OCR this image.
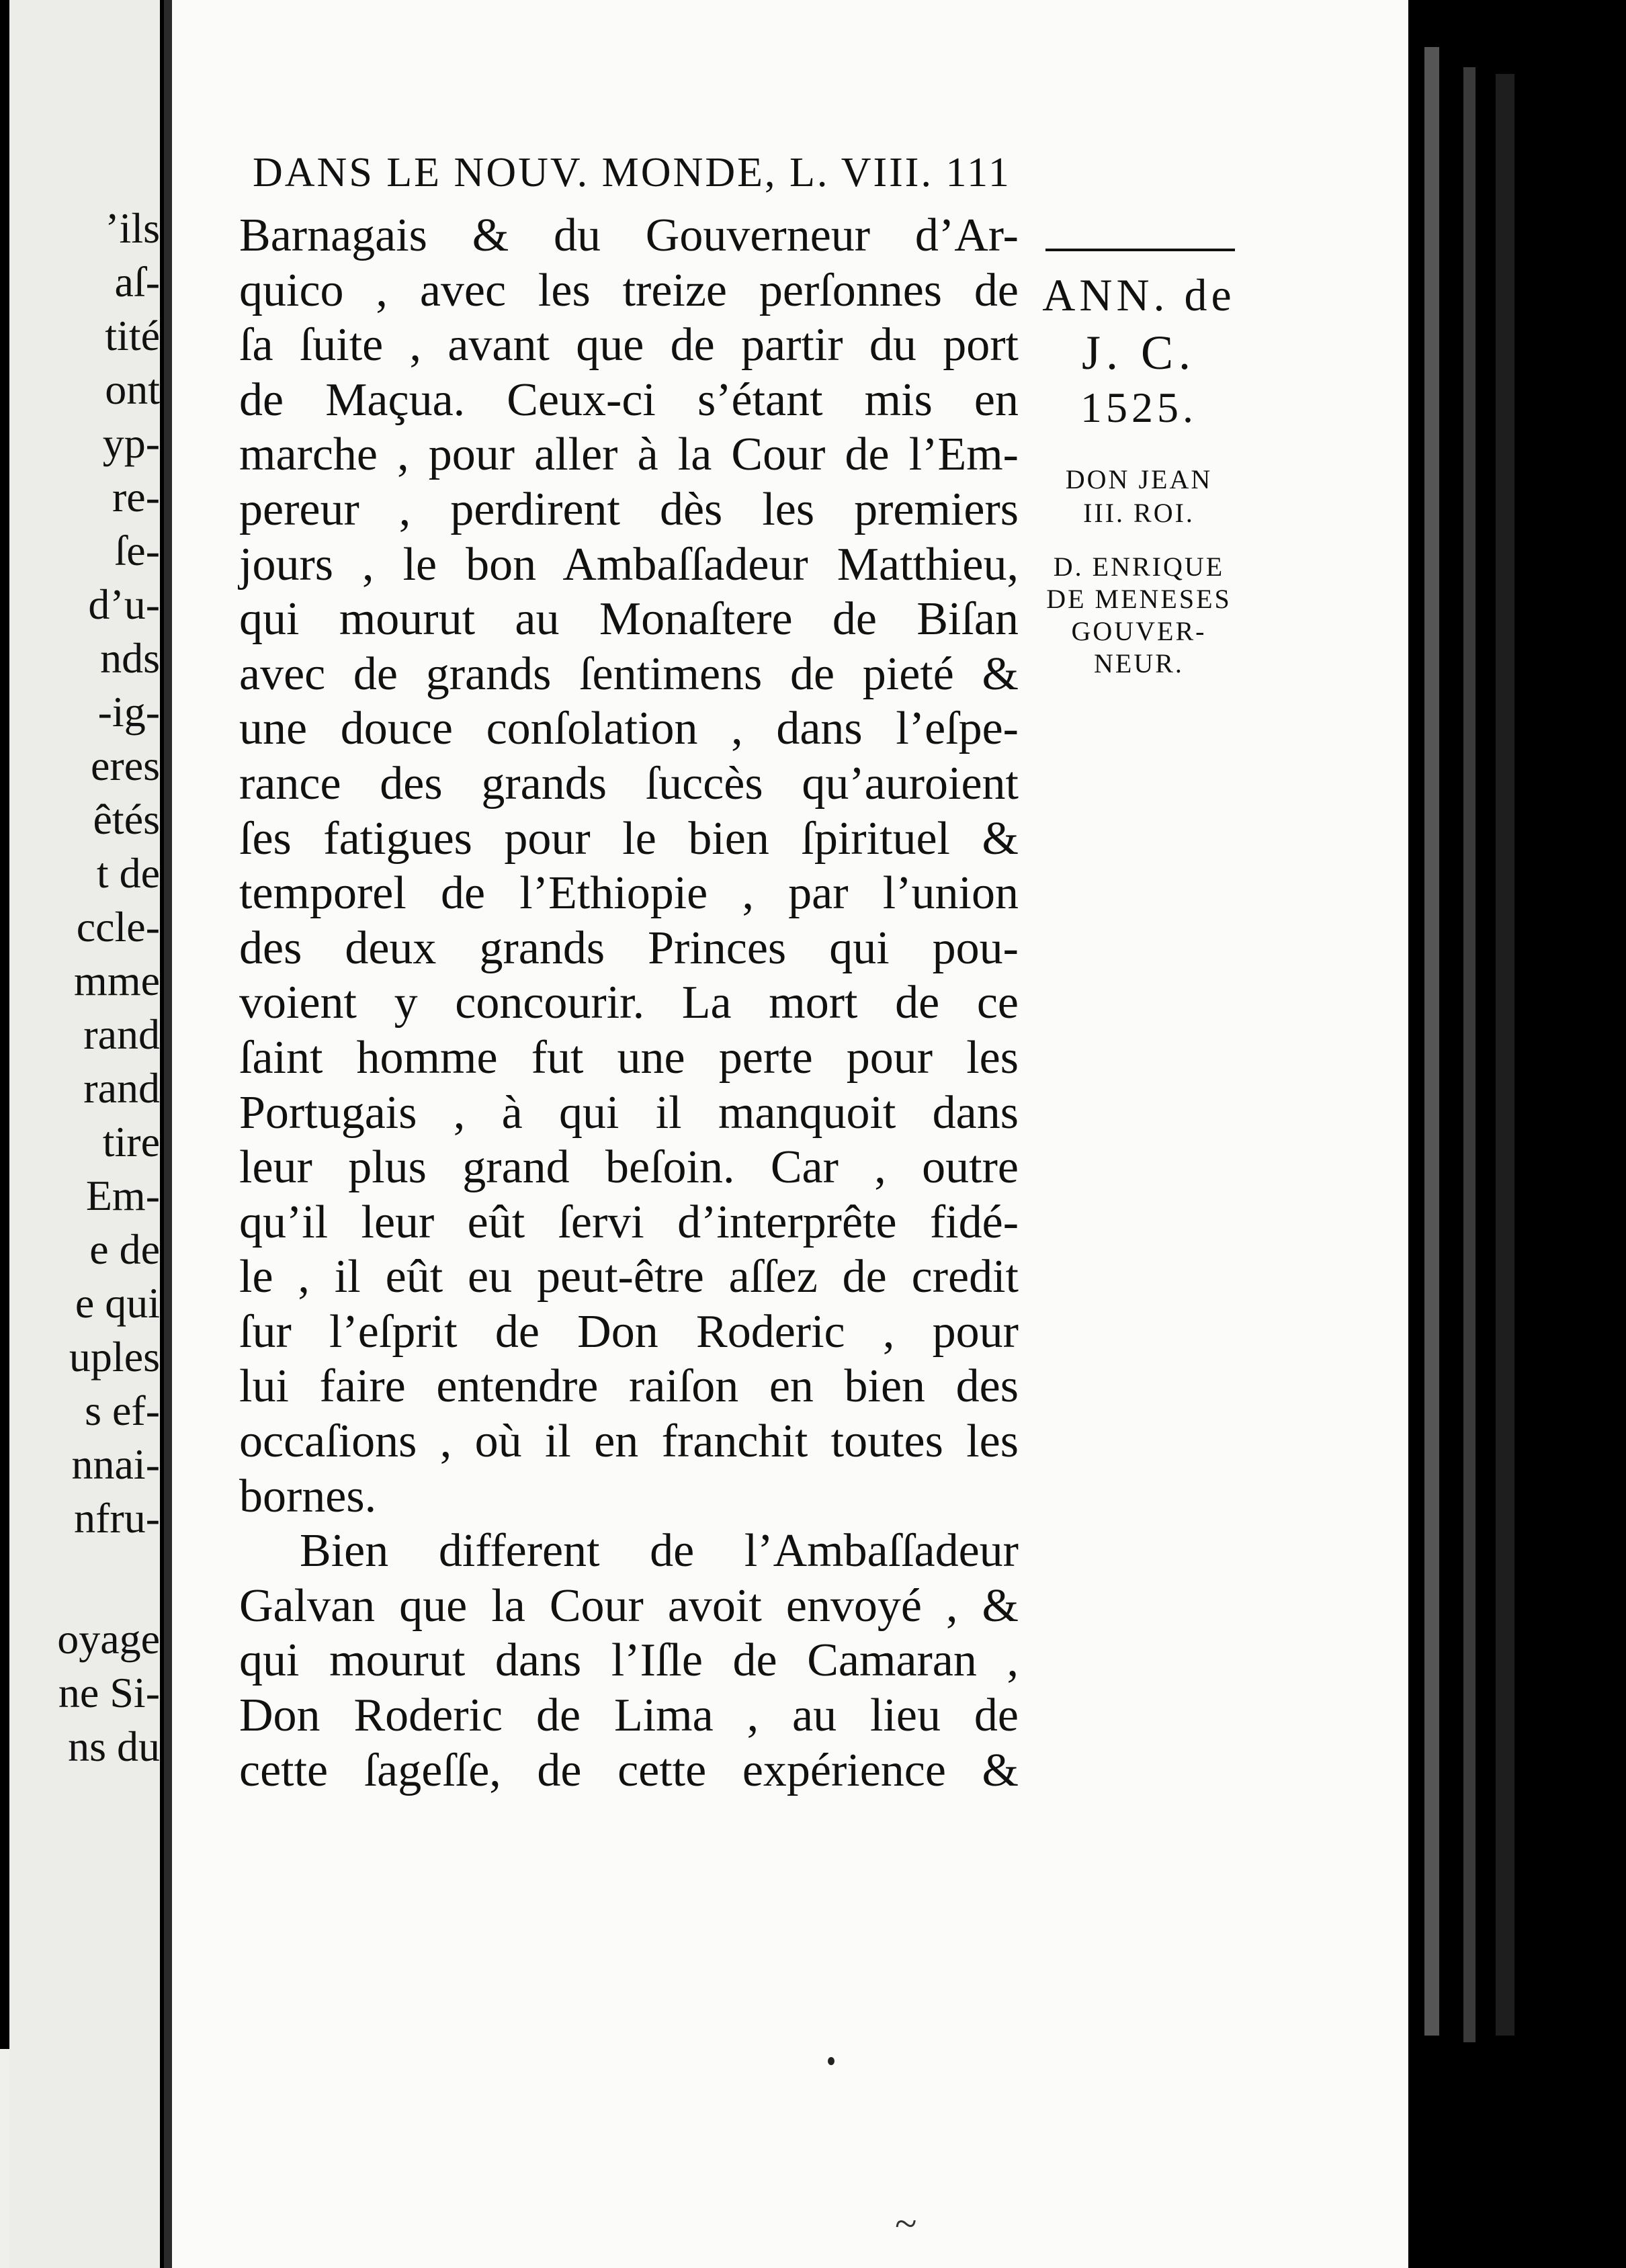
’ils
aſ-
tité
ont
yp-
re-
ſe-
d’u-
nds
-ig-
eres
êtés
t de
ccle-
mme
rand
rand
tire
Em-
e de
e qui
uples
s ef-
nnai-
nfru-
oyage
ne Si-
ns du
DANS LE NOUV. MONDE, L. VIII. 111
Barnagais & du Gouverneur d’Ar-
quico , avec les treize perſonnes de
ſa ſuite , avant que de partir du port
de Maçua. Ceux-ci s’étant mis en
marche , pour aller à la Cour de l’Em-
pereur , perdirent dès les premiers
jours , le bon Ambaſſadeur Matthieu,
qui mourut au Monaſtere de Biſan
avec de grands ſentimens de pieté &
une douce conſolation , dans l’eſpe-
rance des grands ſuccès qu’auroient
ſes fatigues pour le bien ſpirituel &
temporel de l’Ethiopie , par l’union
des deux grands Princes qui pou-
voient y concourir. La mort de ce
ſaint homme fut une perte pour les
Portugais , à qui il manquoit dans
leur plus grand beſoin. Car , outre
qu’il leur eût ſervi d’interprête fidé-
le , il eût eu peut-être aſſez de credit
ſur l’eſprit de Don Roderic , pour
lui faire entendre raiſon en bien des
occaſions , où il en franchit toutes les
bornes.
Bien different de l’Ambaſſadeur
Galvan que la Cour avoit envoyé , &
qui mourut dans l’Iſle de Camaran ,
Don Roderic de Lima , au lieu de
cette ſageſſe, de cette expérience &
ANN. de
J. C.
1525.
DON JEAN
III. ROI.
D. ENRIQUE
DE MENESES
GOUVER-
NEUR.
~
